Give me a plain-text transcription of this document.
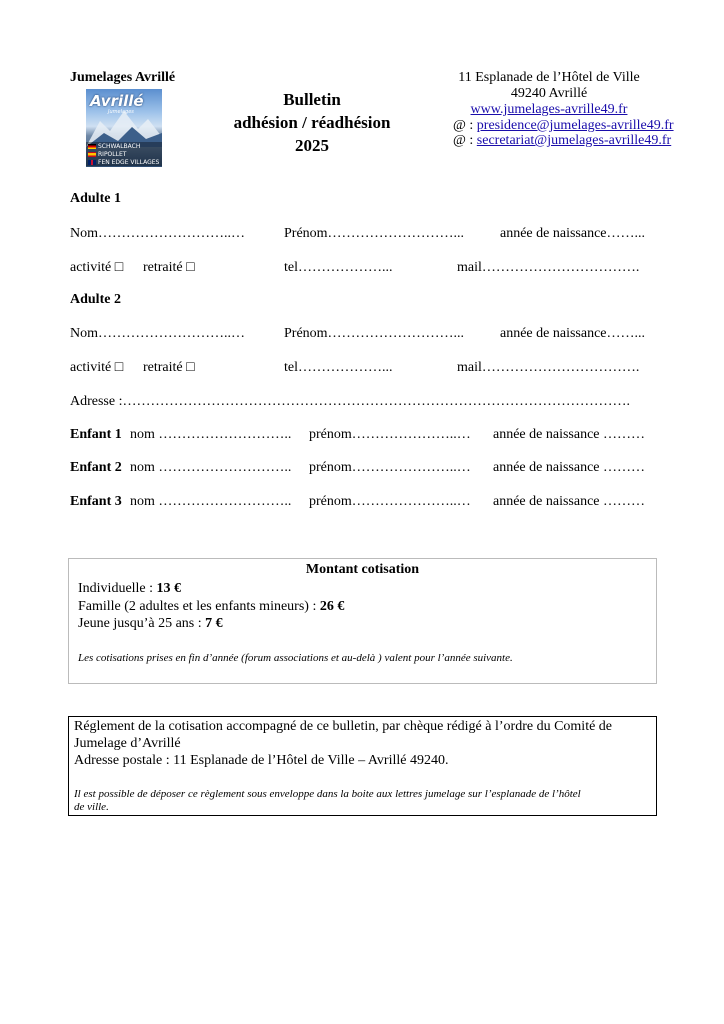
Jumelages Avrillé
Avrillé
Jumelages
SCHWALBACH
RIPOLLET
FEN EDGE VILLAGES
Bulletin
adhésion / réadhésion
2025
11 Esplanade de l’Hôtel de Ville
49240 Avrillé
www.jumelages-avrille49.fr
@ : presidence@jumelages-avrille49.fr
@ : secretariat@jumelages-avrille49.fr
Adulte 1
Nom………………………..…	Prénom………………………...	année de naissance……...
activité □ retraité □	tel………………...	mail…………………………….
Adulte 2
Nom………………………..…	Prénom………………………...	année de naissance……...
activité □ retraité □	tel………………...	mail…………………………….
Adresse :……………………………………………………………………………………………….
Enfant 1 nom ……………………….. prénom…………………..… année de naissance ………
Enfant 2 nom ……………………….. prénom…………………..… année de naissance ………
Enfant 3 nom ……………………….. prénom…………………..… année de naissance ………
Montant cotisation
Individuelle : 13 €
Famille (2 adultes et les enfants mineurs) : 26 €
Jeune jusqu’à 25 ans : 7 €
Les cotisations prises en fin d’année (forum associations et au-delà ) valent pour l’année suivante.
Réglement de la cotisation accompagné de ce bulletin, par chèque rédigé à l’ordre du Comité de
Jumelage d’Avrillé
Adresse postale : 11 Esplanade de l’Hôtel de Ville – Avrillé 49240.
Il est possible de déposer ce règlement sous enveloppe dans la boite aux lettres jumelage sur l’esplanade de l’hôtel
de ville.
